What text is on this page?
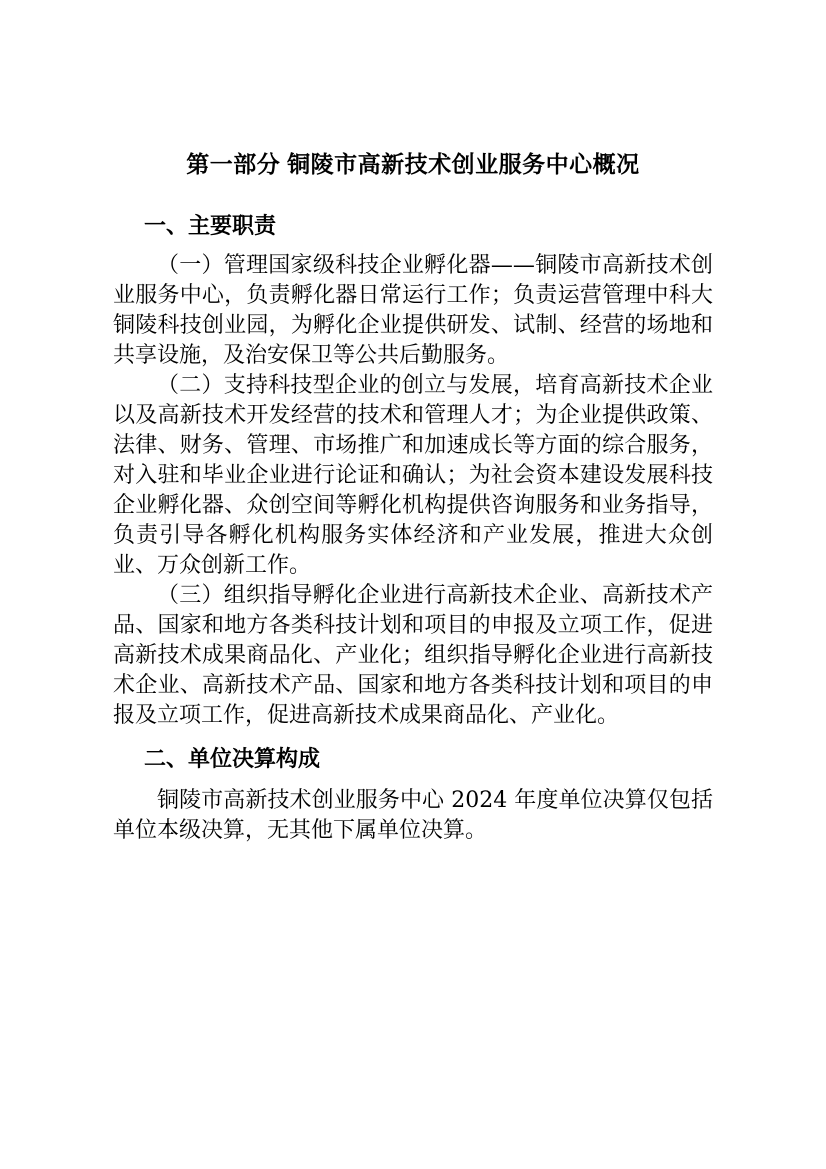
第一部分 铜陵市高新技术创业服务中心概况
一、主要职责

（一）管理国家级科技企业孵化器——铜陵市高新技术创业服务中心，负责孵化器日常运行工作；负责运营管理中科大铜陵科技创业园，为孵化企业提供研发、试制、经营的场地和共享设施，及治安保卫等公共后勤服务。

（二）支持科技型企业的创立与发展，培育高新技术企业以及高新技术开发经营的技术和管理人才；为企业提供政策、法律、财务、管理、市场推广和加速成长等方面的综合服务，对入驻和毕业企业进行论证和确认；为社会资本建设发展科技企业孵化器、众创空间等孵化机构提供咨询服务和业务指导，负责引导各孵化机构服务实体经济和产业发展，推进大众创业、万众创新工作。

（三）组织指导孵化企业进行高新技术企业、高新技术产品、国家和地方各类科技计划和项目的申报及立项工作，促进高新技术成果商品化、产业化；组织指导孵化企业进行高新技术企业、高新技术产品、国家和地方各类科技计划和项目的申报及立项工作，促进高新技术成果商品化、产业化。

二、单位决算构成

铜陵市高新技术创业服务中心 2024 年度单位决算仅包括单位本级决算，无其他下属单位决算。
